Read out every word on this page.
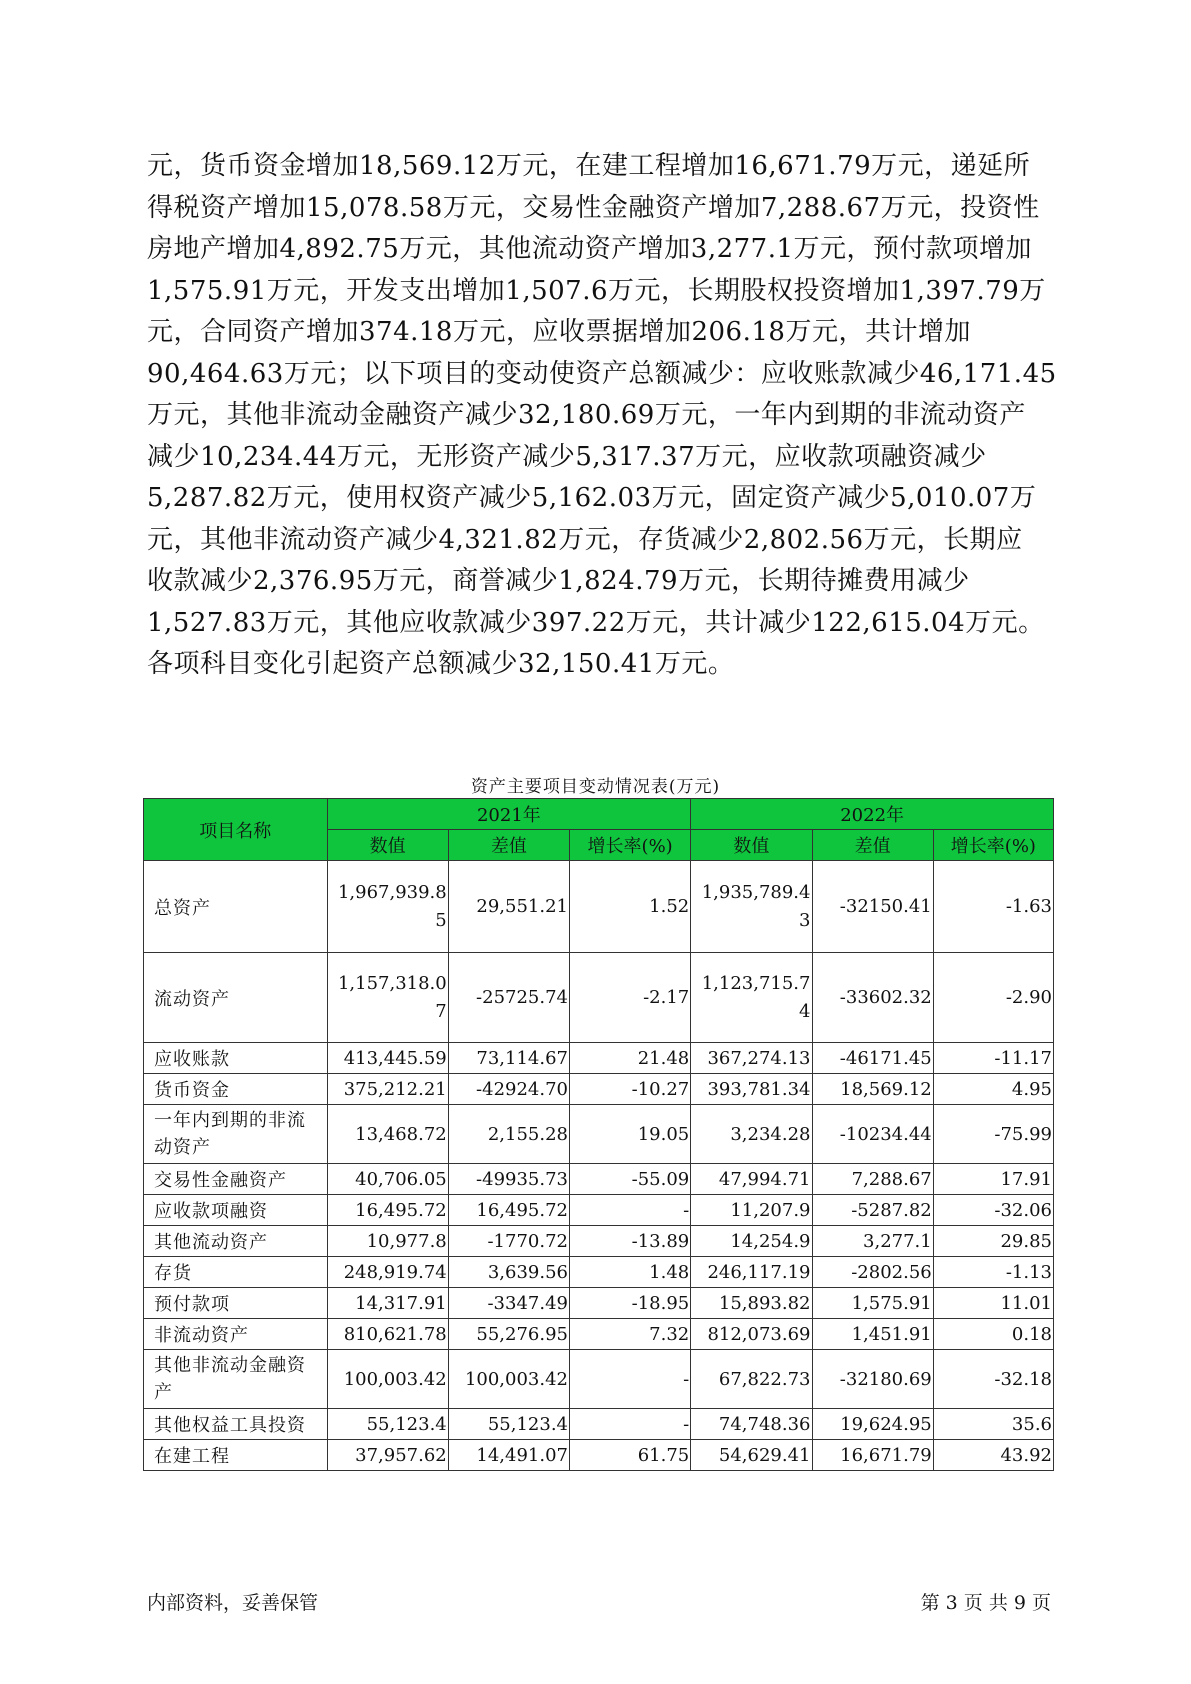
元，货币资金增加18,569.12万元，在建工程增加16,671.79万元，递延所

得税资产增加15,078.58万元，交易性金融资产增加7,288.67万元，投资性

房地产增加4,892.75万元，其他流动资产增加3,277.1万元，预付款项增加

1,575.91万元，开发支出增加1,507.6万元，长期股权投资增加1,397.79万

元，合同资产增加374.18万元，应收票据增加206.18万元，共计增加

90,464.63万元；以下项目的变动使资产总额减少：应收账款减少46,171.45

万元，其他非流动金融资产减少32,180.69万元，一年内到期的非流动资产

减少10,234.44万元，无形资产减少5,317.37万元，应收款项融资减少

5,287.82万元，使用权资产减少5,162.03万元，固定资产减少5,010.07万

元，其他非流动资产减少4,321.82万元，存货减少2,802.56万元，长期应

收款减少2,376.95万元，商誉减少1,824.79万元，长期待摊费用减少

1,527.83万元，其他应收款减少397.22万元，共计减少122,615.04万元。

各项科目变化引起资产总额减少32,150.41万元。

资产主要项目变动情况表(万元)
项目名称	2021年			2022年		
	数值	差值	增长率(%)	数值	差值	增长率(%)
总资产	1,967,939.85	29,551.21	1.52	1,935,789.43	-32150.41	-1.63
流动资产	1,157,318.07	-25725.74	-2.17	1,123,715.74	-33602.32	-2.90
应收账款	413,445.59	73,114.67	21.48	367,274.13	-46171.45	-11.17
货币资金	375,212.21	-42924.70	-10.27	393,781.34	18,569.12	4.95
一年内到期的非流动资产	13,468.72	2,155.28	19.05	3,234.28	-10234.44	-75.99
交易性金融资产	40,706.05	-49935.73	-55.09	47,994.71	7,288.67	17.91
应收款项融资	16,495.72	16,495.72	-	11,207.9	-5287.82	-32.06
其他流动资产	10,977.8	-1770.72	-13.89	14,254.9	3,277.1	29.85
存货	248,919.74	3,639.56	1.48	246,117.19	-2802.56	-1.13
预付款项	14,317.91	-3347.49	-18.95	15,893.82	1,575.91	11.01
非流动资产	810,621.78	55,276.95	7.32	812,073.69	1,451.91	0.18
其他非流动金融资产	100,003.42	100,003.42	-	67,822.73	-32180.69	-32.18
其他权益工具投资	55,123.4	55,123.4	-	74,748.36	19,624.95	35.6
在建工程	37,957.62	14,491.07	61.75	54,629.41	16,671.79	43.92
内部资料，妥善保管	第 3 页 共 9 页
